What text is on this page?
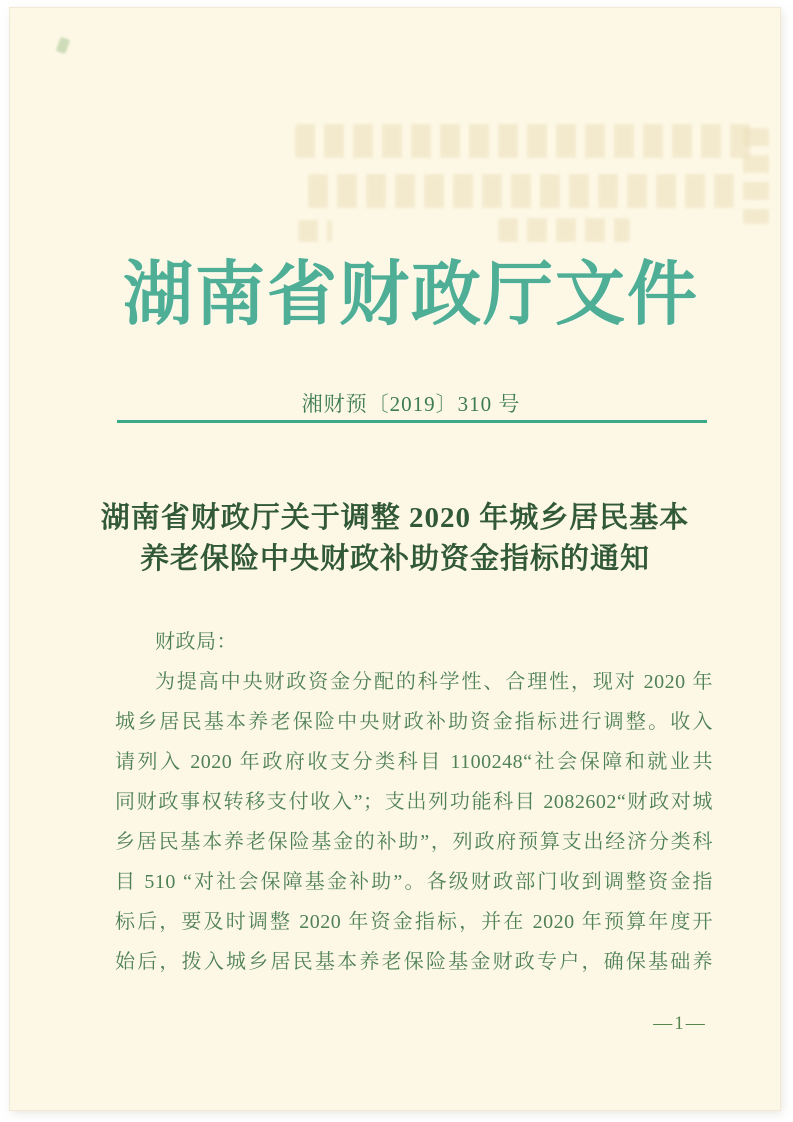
湖南省财政厅文件
湘财预〔2019〕310 号
湖南省财政厅关于调整 2020 年城乡居民基本
养老保险中央财政补助资金指标的通知
财政局：
为提高中央财政资金分配的科学性、合理性，现对 2020 年
城乡居民基本养老保险中央财政补助资金指标进行调整。收入
请列入 2020 年政府收支分类科目 1100248“社会保障和就业共
同财政事权转移支付收入”；支出列功能科目 2082602“财政对城
乡居民基本养老保险基金的补助”，列政府预算支出经济分类科
目 510 “对社会保障基金补助”。各级财政部门收到调整资金指
标后，要及时调整 2020 年资金指标，并在 2020 年预算年度开
始后，拨入城乡居民基本养老保险基金财政专户，确保基础养
—1—
